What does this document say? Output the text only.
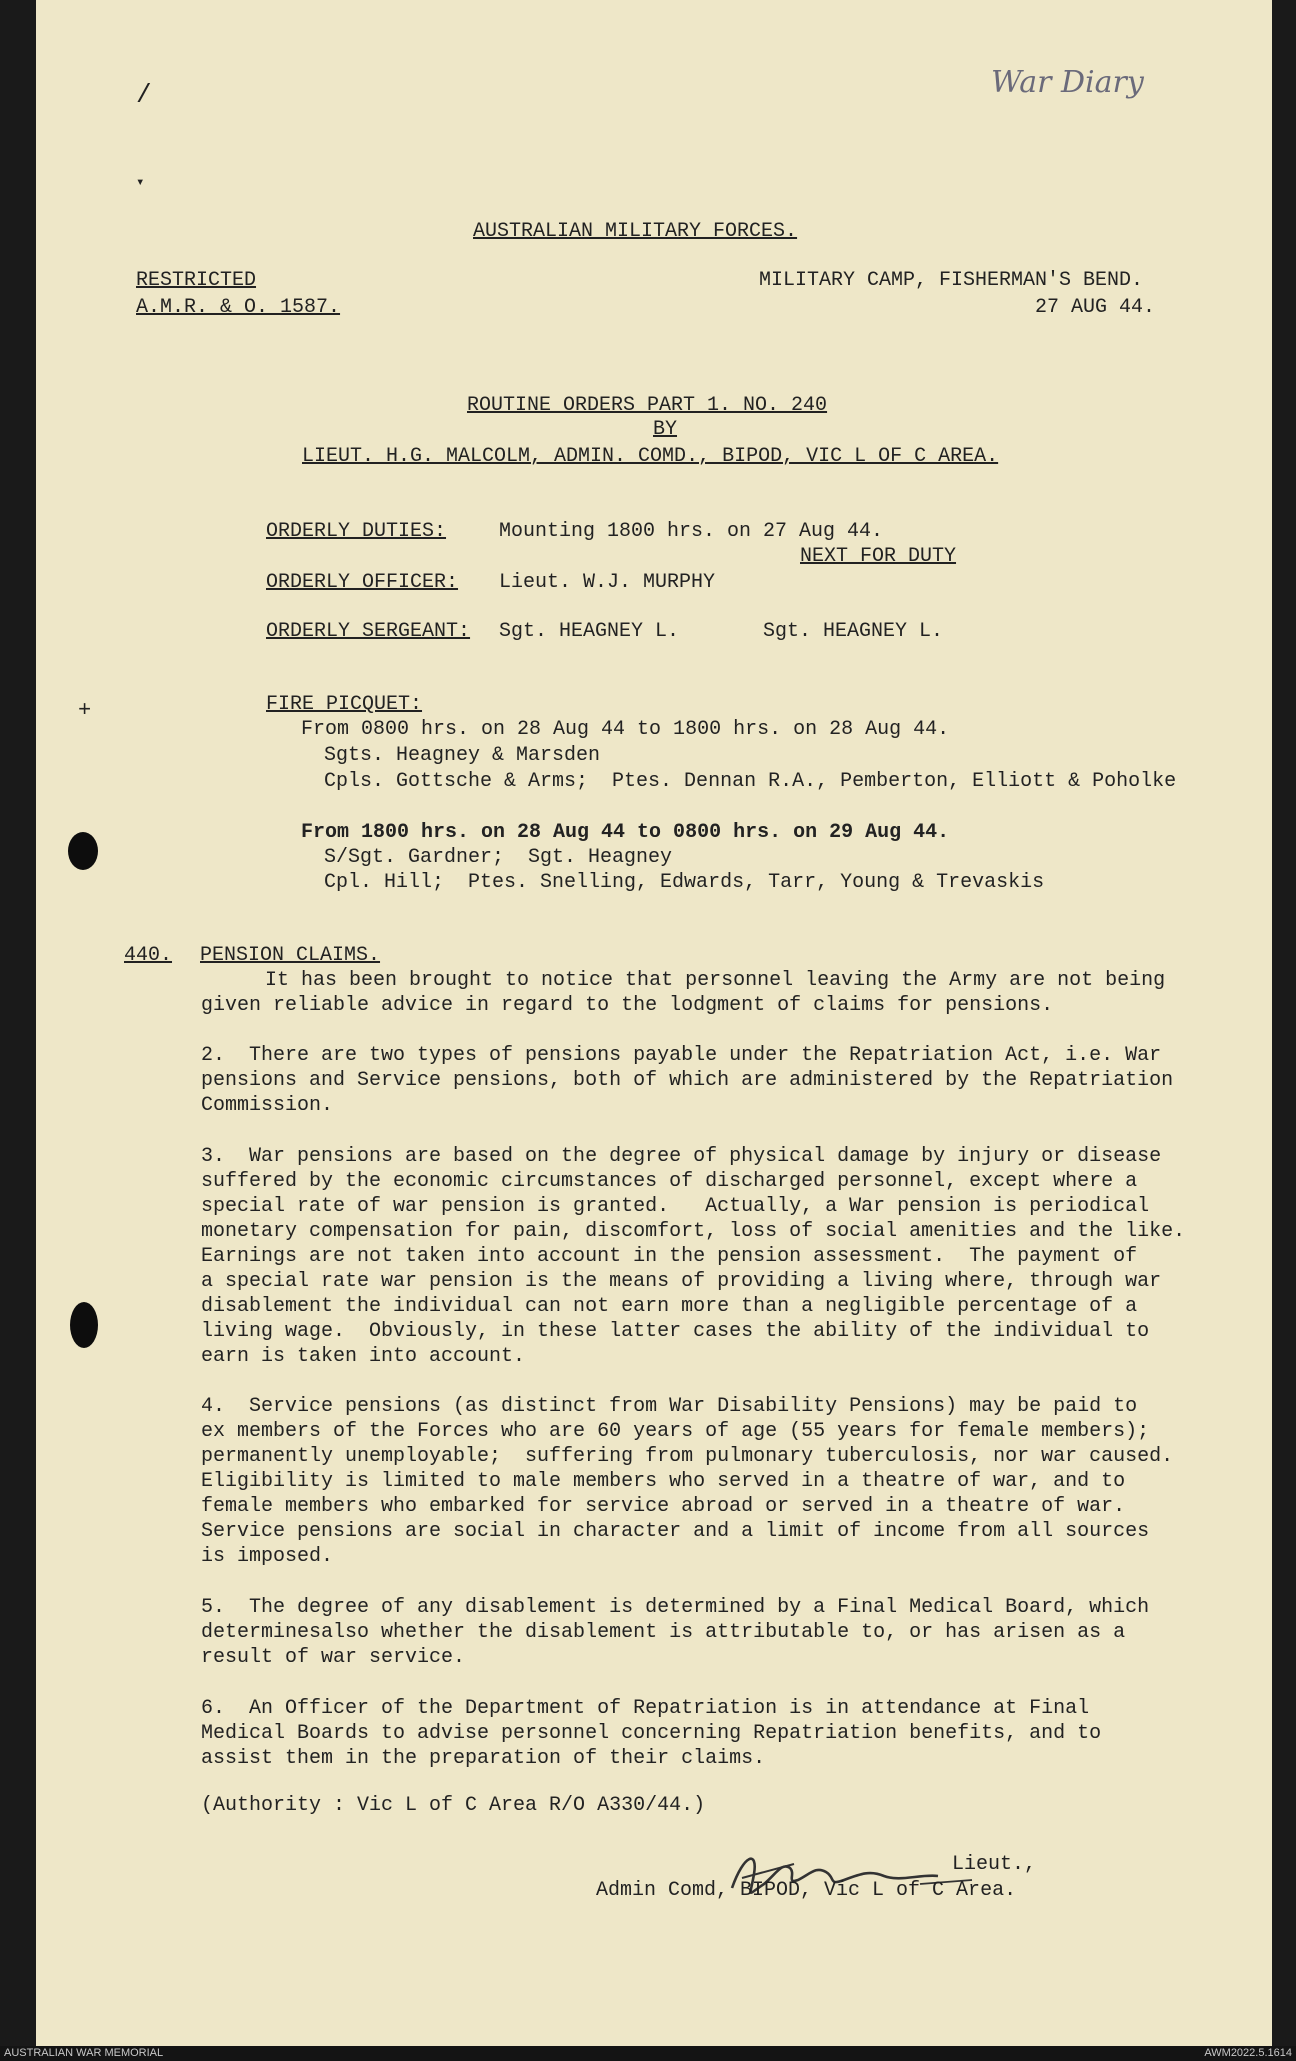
War Diary
/
▾
+
AUSTRALIAN MILITARY FORCES.
RESTRICTED
A.M.R. & O. 1587.
MILITARY CAMP, FISHERMAN'S BEND.
27 AUG 44.
ROUTINE ORDERS PART 1. NO. 240
BY
LIEUT. H.G. MALCOLM, ADMIN. COMD., BIPOD, VIC L OF C AREA.
ORDERLY DUTIES:	Mounting 1800 hrs. on 27 Aug 44.
NEXT FOR DUTY
ORDERLY OFFICER: Lieut. W.J. MURPHY
ORDERLY SERGEANT: Sgt. HEAGNEY L.	Sgt. HEAGNEY L.
FIRE PICQUET:
From 0800 hrs. on 28 Aug 44 to 1800 hrs. on 28 Aug 44.
Sgts. Heagney & Marsden
Cpls. Gottsche & Arms;  Ptes. Dennan R.A., Pemberton, Elliott & Poholke
From 1800 hrs. on 28 Aug 44 to 0800 hrs. on 29 Aug 44.
S/Sgt. Gardner;  Sgt. Heagney
Cpl. Hill;  Ptes. Snelling, Edwards, Tarr, Young & Trevaskis
440. PENSION CLAIMS.
It has been brought to notice that personnel leaving the Army are not being
given reliable advice in regard to the lodgment of claims for pensions.
2.  There are two types of pensions payable under the Repatriation Act, i.e. War
pensions and Service pensions, both of which are administered by the Repatriation
Commission.
3.  War pensions are based on the degree of physical damage by injury or disease
suffered by the economic circumstances of discharged personnel, except where a
special rate of war pension is granted.   Actually, a War pension is periodical
monetary compensation for pain, discomfort, loss of social amenities and the like.
Earnings are not taken into account in the pension assessment.  The payment of
a special rate war pension is the means of providing a living where, through war
disablement the individual can not earn more than a negligible percentage of a
living wage.  Obviously, in these latter cases the ability of the individual to
earn is taken into account.
4.  Service pensions (as distinct from War Disability Pensions) may be paid to
ex members of the Forces who are 60 years of age (55 years for female members);
permanently unemployable;  suffering from pulmonary tuberculosis, nor war caused.
Eligibility is limited to male members who served in a theatre of war, and to
female members who embarked for service abroad or served in a theatre of war.
Service pensions are social in character and a limit of income from all sources
is imposed.
5.  The degree of any disablement is determined by a Final Medical Board, which
determinesalso whether the disablement is attributable to, or has arisen as a
result of war service.
6.  An Officer of the Department of Repatriation is in attendance at Final
Medical Boards to advise personnel concerning Repatriation benefits, and to
assist them in the preparation of their claims.
(Authority : Vic L of C Area R/O A330/44.)

Lieut.,
Admin Comd, BIPOD, Vic L of C Area.
AUSTRALIAN WAR MEMORIAL	AWM2022.5.1614
